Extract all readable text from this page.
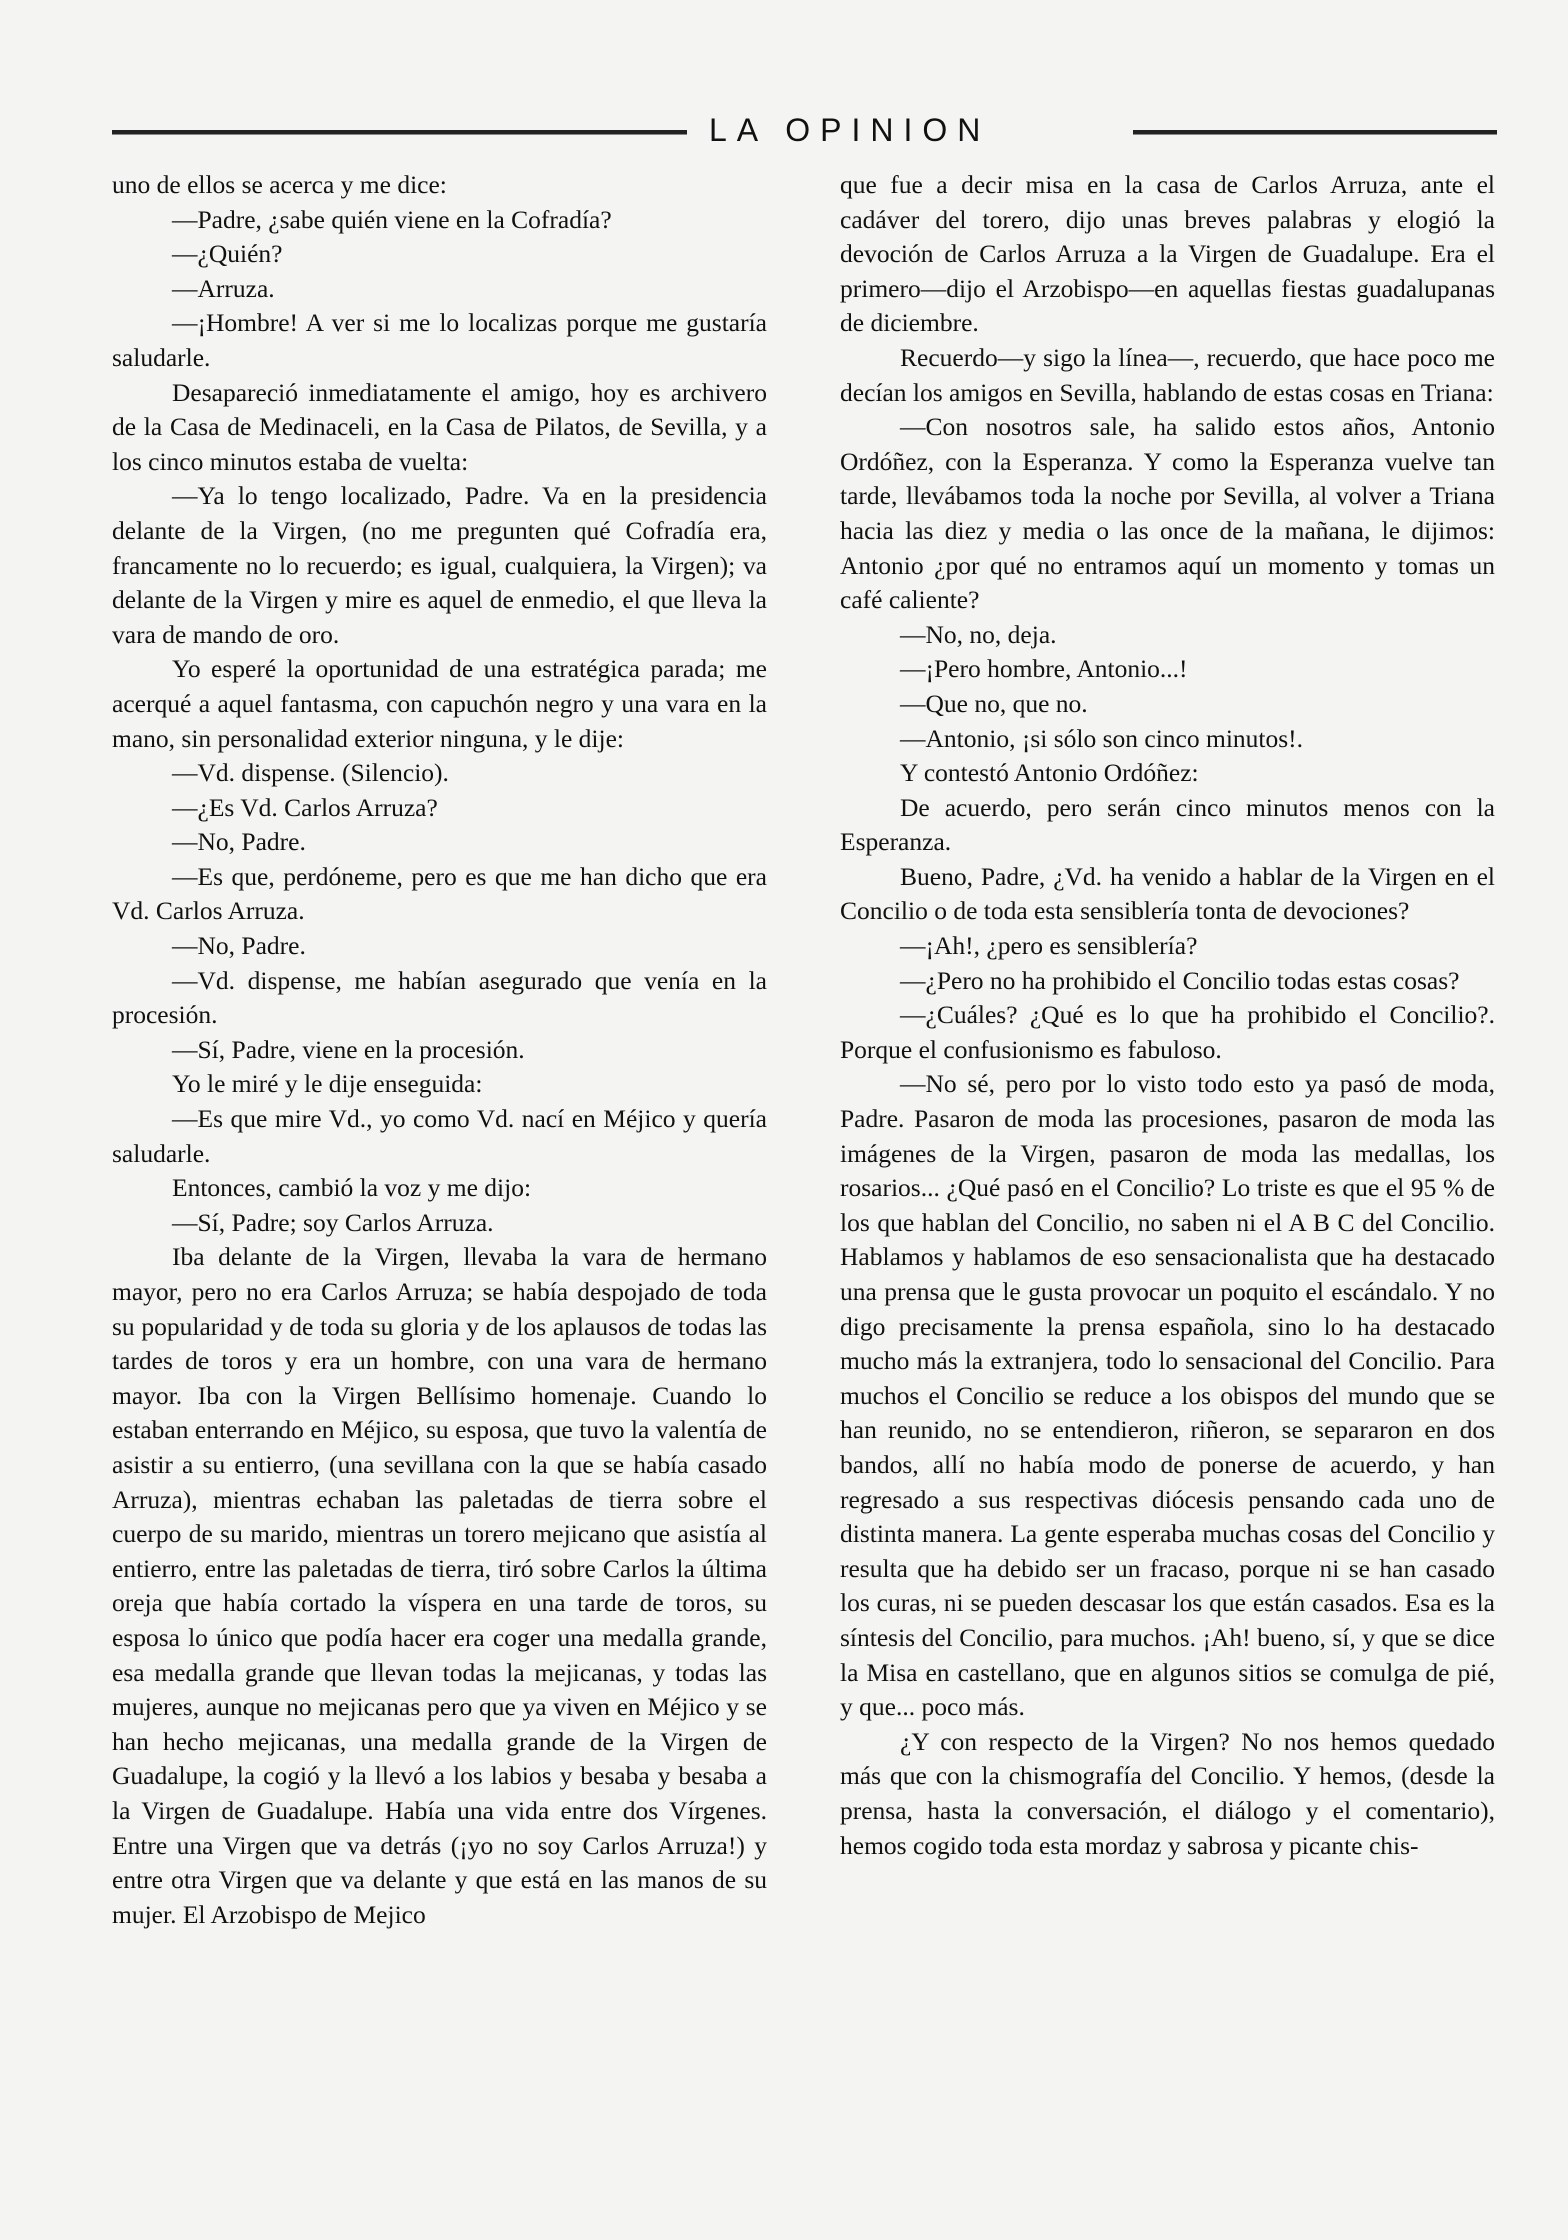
LA OPINION

uno de ellos se acerca y me dice:

—Padre, ¿sabe quién viene en la Cofradía?

—¿Quién?

—Arruza.

—¡Hombre! A ver si me lo localizas porque me gustaría saludarle.

Desapareció inmediatamente el amigo, hoy es archivero de la Casa de Medinaceli, en la Casa de Pilatos, de Sevilla, y a los cinco minutos estaba de vuelta:

—Ya lo tengo localizado, Padre. Va en la presidencia delante de la Virgen, (no me pregunten qué Cofradía era, francamente no lo recuerdo; es igual, cualquiera, la Virgen); va delante de la Virgen y mire es aquel de enmedio, el que lleva la vara de mando de oro.

Yo esperé la oportunidad de una estratégica parada; me acerqué a aquel fantasma, con capuchón negro y una vara en la mano, sin personalidad exterior ninguna, y le dije:

—Vd. dispense. (Silencio).

—¿Es Vd. Carlos Arruza?

—No, Padre.

—Es que, perdóneme, pero es que me han dicho que era Vd. Carlos Arruza.

—No, Padre.

—Vd. dispense, me habían asegurado que venía en la procesión.

—Sí, Padre, viene en la procesión.

Yo le miré y le dije enseguida:

—Es que mire Vd., yo como Vd. nací en Méjico y quería saludarle.

Entonces, cambió la voz y me dijo:

—Sí, Padre; soy Carlos Arruza.

Iba delante de la Virgen, llevaba la vara de hermano mayor, pero no era Carlos Arruza; se había despojado de toda su popularidad y de toda su gloria y de los aplausos de todas las tardes de toros y era un hombre, con una vara de hermano mayor. Iba con la Virgen Bellísimo homenaje. Cuando lo estaban enterrando en Méjico, su esposa, que tuvo la valentía de asistir a su entierro, (una sevillana con la que se había casado Arruza), mientras echaban las paletadas de tierra sobre el cuerpo de su marido, mientras un torero mejicano que asistía al entierro, entre las paletadas de tierra, tiró sobre Carlos la última oreja que había cortado la víspera en una tarde de toros, su esposa lo único que podía hacer era coger una medalla grande, esa medalla grande que llevan todas la mejicanas, y todas las mujeres, aunque no mejicanas pero que ya viven en Méjico y se han hecho mejicanas, una medalla grande de la Virgen de Guadalupe, la cogió y la llevó a los labios y besaba y besaba a la Virgen de Guadalupe. Había una vida entre dos Vírgenes. Entre una Virgen que va detrás (¡yo no soy Carlos Arruza!) y entre otra Virgen que va delante y que está en las manos de su mujer. El Arzobispo de Mejico

que fue a decir misa en la casa de Carlos Arruza, ante el cadáver del torero, dijo unas breves palabras y elogió la devoción de Carlos Arruza a la Virgen de Guadalupe. Era el primero—dijo el Arzobispo—en aquellas fiestas guadalupanas de diciembre.

Recuerdo—y sigo la línea—, recuerdo, que hace poco me decían los amigos en Sevilla, hablando de estas cosas en Triana:

—Con nosotros sale, ha salido estos años, Antonio Ordóñez, con la Esperanza. Y como la Esperanza vuelve tan tarde, llevábamos toda la noche por Sevilla, al volver a Triana hacia las diez y media o las once de la mañana, le dijimos: Antonio ¿por qué no entramos aquí un momento y tomas un café caliente?

—No, no, deja.

—¡Pero hombre, Antonio...!

—Que no, que no.

—Antonio, ¡si sólo son cinco minutos!.

Y contestó Antonio Ordóñez:

De acuerdo, pero serán cinco minutos menos con la Esperanza.

Bueno, Padre, ¿Vd. ha venido a hablar de la Virgen en el Concilio o de toda esta sensiblería tonta de devociones?

—¡Ah!, ¿pero es sensiblería?

—¿Pero no ha prohibido el Concilio todas estas cosas?

—¿Cuáles? ¿Qué es lo que ha prohibido el Concilio?. Porque el confusionismo es fabuloso.

—No sé, pero por lo visto todo esto ya pasó de moda, Padre. Pasaron de moda las procesiones, pasaron de moda las imágenes de la Virgen, pasaron de moda las medallas, los rosarios... ¿Qué pasó en el Concilio? Lo triste es que el 95 % de los que hablan del Concilio, no saben ni el A B C del Concilio. Hablamos y hablamos de eso sensacionalista que ha destacado una prensa que le gusta provocar un poquito el escándalo. Y no digo precisamente la prensa española, sino lo ha destacado mucho más la extranjera, todo lo sensacional del Concilio. Para muchos el Concilio se reduce a los obispos del mundo que se han reunido, no se entendieron, riñeron, se separaron en dos bandos, allí no había modo de ponerse de acuerdo, y han regresado a sus respectivas diócesis pensando cada uno de distinta manera. La gente esperaba muchas cosas del Concilio y resulta que ha debido ser un fracaso, porque ni se han casado los curas, ni se pueden descasar los que están casados. Esa es la síntesis del Concilio, para muchos. ¡Ah! bueno, sí, y que se dice la Misa en castellano, que en algunos sitios se comulga de pié, y que... poco más.

¿Y con respecto de la Virgen? No nos hemos quedado más que con la chismografía del Concilio. Y hemos, (desde la prensa, hasta la conversación, el diálogo y el comentario), hemos cogido toda esta mordaz y sabrosa y picante chis-
